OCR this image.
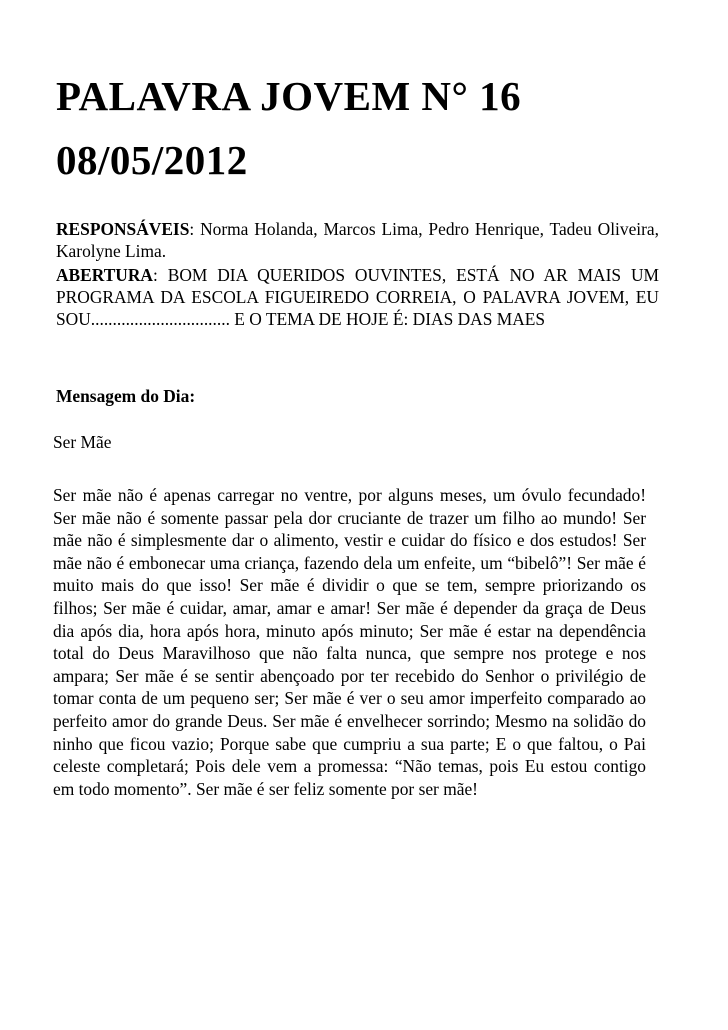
PALAVRA JOVEM N° 16
08/05/2012
RESPONSÁVEIS: Norma Holanda, Marcos Lima, Pedro Henrique, Tadeu Oliveira, Karolyne Lima.
ABERTURA: BOM DIA QUERIDOS OUVINTES, ESTÁ NO AR MAIS UM PROGRAMA DA ESCOLA FIGUEIREDO CORREIA, O PALAVRA JOVEM, EU SOU................................ E O TEMA DE HOJE É: DIAS DAS MAES
Mensagem do Dia:
Ser Mãe
Ser mãe não é apenas carregar no ventre, por alguns meses, um óvulo fecundado! Ser mãe não é somente passar pela dor cruciante de trazer um filho ao mundo! Ser mãe não é simplesmente dar o alimento, vestir e cuidar do físico e dos estudos! Ser mãe não é embonecar uma criança, fazendo dela um enfeite, um “bibelô”! Ser mãe é muito mais do que isso! Ser mãe é dividir o que se tem, sempre priorizando os filhos; Ser mãe é cuidar, amar, amar e amar! Ser mãe é depender da graça de Deus dia após dia, hora após hora, minuto após minuto; Ser mãe é estar na dependência total do Deus Maravilhoso que não falta nunca, que sempre nos protege e nos ampara; Ser mãe é se sentir abençoado por ter recebido do Senhor o privilégio de tomar conta de um pequeno ser; Ser mãe é ver o seu amor imperfeito comparado ao perfeito amor do grande Deus. Ser mãe é envelhecer sorrindo; Mesmo na solidão do ninho que ficou vazio; Porque sabe que cumpriu a sua parte; E o que faltou, o Pai celeste completará; Pois dele vem a promessa: “Não temas, pois Eu estou contigo em todo momento”. Ser mãe é ser feliz somente por ser mãe!
